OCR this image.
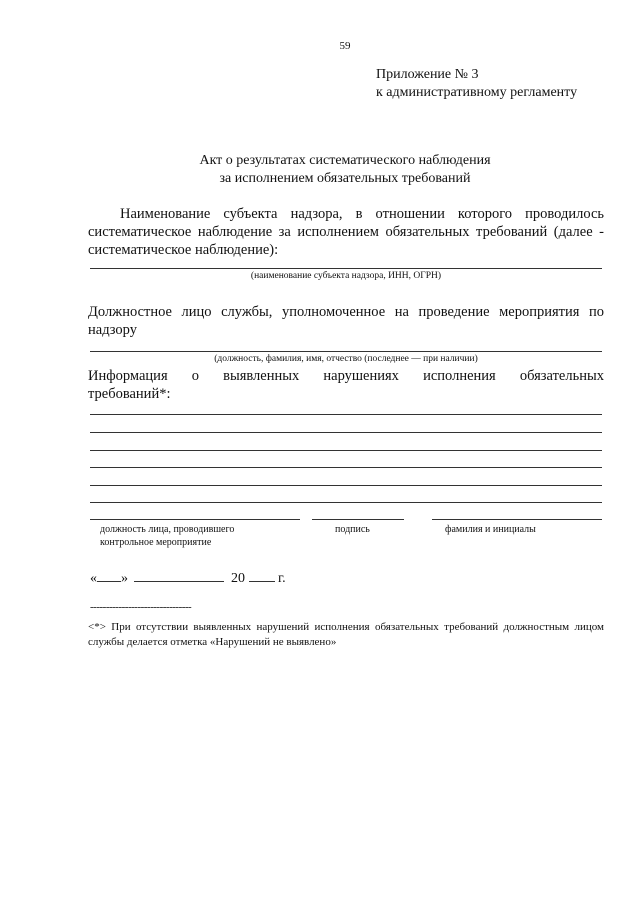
59
Приложение № 3
к административному регламенту
Акт о результатах систематического наблюдения
за исполнением обязательных требований
Наименование субъекта надзора, в отношении которого проводилось систематическое наблюдение за исполнением обязательных требований (далее - систематическое наблюдение):
(наименование субъекта надзора, ИНН, ОГРН)
Должностное лицо службы, уполномоченное на проведение мероприятия по надзору
(должность, фамилия, имя, отчество (последнее — при наличии)
Информация о выявленных нарушениях исполнения обязательных
требований*:
должность лица, проводившего
контрольное мероприятие
подпись	фамилия и инициалы
« »	20 г.
--------------------------------
<*> При отсутствии выявленных нарушений исполнения обязательных требований должностным лицом службы делается отметка «Нарушений не выявлено»
